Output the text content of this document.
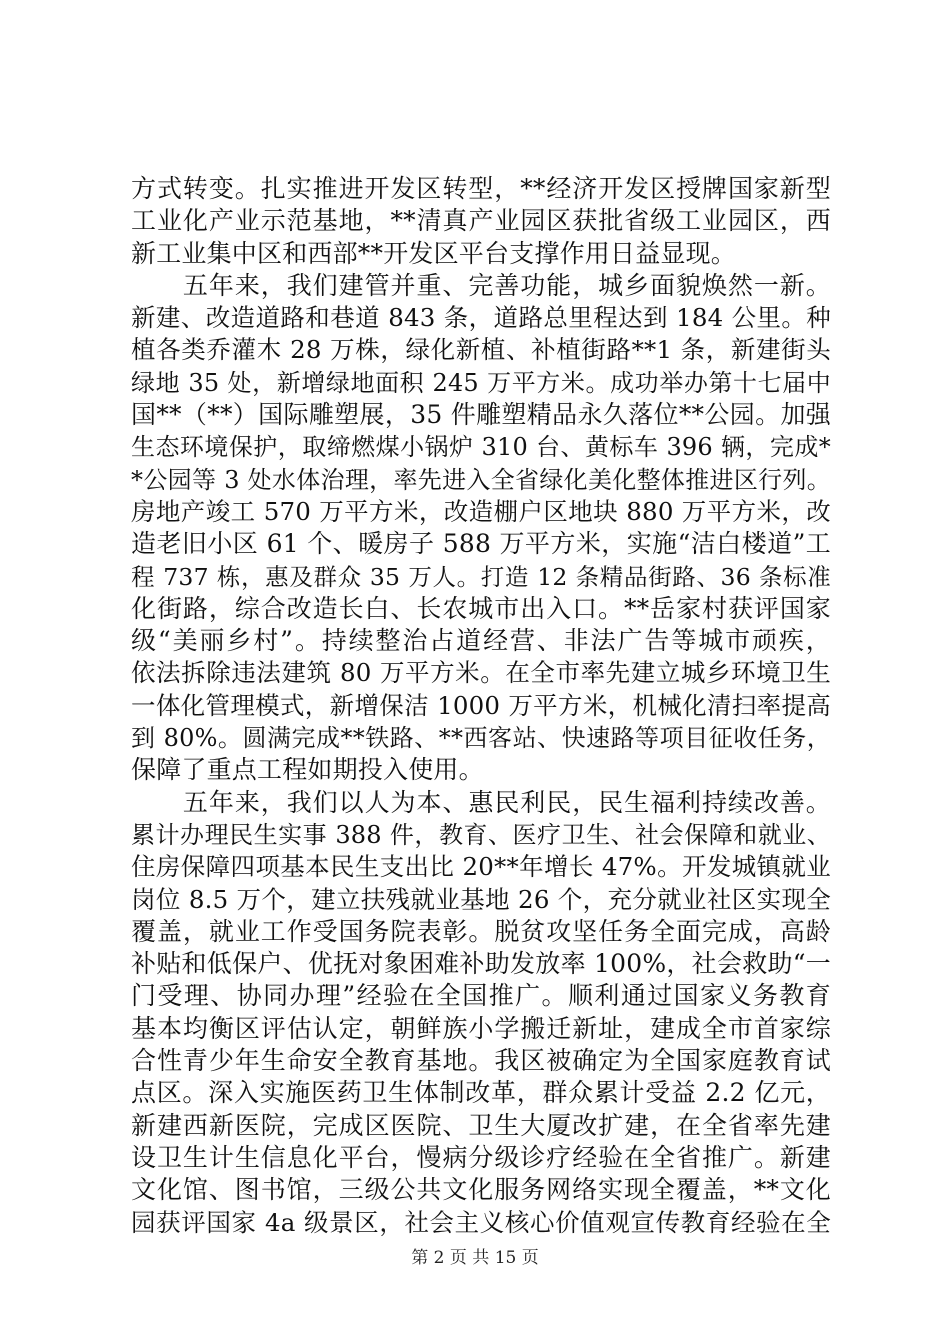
方式转变。扎实推进开发区转型，**经济开发区授牌国家新型
工业化产业示范基地，**清真产业园区获批省级工业园区，西
新工业集中区和西部**开发区平台支撑作用日益显现。
　　五年来，我们建管并重、完善功能，城乡面貌焕然一新。
新建、改造道路和巷道 843 条，道路总里程达到 184 公里。种
植各类乔灌木 28 万株，绿化新植、补植街路**1 条，新建街头
绿地 35 处，新增绿地面积 245 万平方米。成功举办第十七届中
国**（**）国际雕塑展，35 件雕塑精品永久落位**公园。加强
生态环境保护，取缔燃煤小锅炉 310 台、黄标车 396 辆，完成*
*公园等 3 处水体治理，率先进入全省绿化美化整体推进区行列。
房地产竣工 570 万平方米，改造棚户区地块 880 万平方米，改
造老旧小区 61 个、暖房子 588 万平方米，实施“洁白楼道”工
程 737 栋，惠及群众 35 万人。打造 12 条精品街路、36 条标准
化街路，综合改造长白、长农城市出入口。**岳家村获评国家
级“美丽乡村”。持续整治占道经营、非法广告等城市顽疾，
依法拆除违法建筑 80 万平方米。在全市率先建立城乡环境卫生
一体化管理模式，新增保洁 1000 万平方米，机械化清扫率提高
到 80%。圆满完成**铁路、**西客站、快速路等项目征收任务，
保障了重点工程如期投入使用。
　　五年来，我们以人为本、惠民利民，民生福利持续改善。
累计办理民生实事 388 件，教育、医疗卫生、社会保障和就业、
住房保障四项基本民生支出比 20**年增长 47%。开发城镇就业
岗位 8.5 万个，建立扶残就业基地 26 个，充分就业社区实现全
覆盖，就业工作受国务院表彰。脱贫攻坚任务全面完成，高龄
补贴和低保户、优抚对象困难补助发放率 100%，社会救助“一
门受理、协同办理”经验在全国推广。顺利通过国家义务教育
基本均衡区评估认定，朝鲜族小学搬迁新址，建成全市首家综
合性青少年生命安全教育基地。我区被确定为全国家庭教育试
点区。深入实施医药卫生体制改革，群众累计受益 2.2 亿元，
新建西新医院，完成区医院、卫生大厦改扩建，在全省率先建
设卫生计生信息化平台，慢病分级诊疗经验在全省推广。新建
文化馆、图书馆，三级公共文化服务网络实现全覆盖，**文化
园获评国家 4a 级景区，社会主义核心价值观宣传教育经验在全
第 2 页 共 15 页
